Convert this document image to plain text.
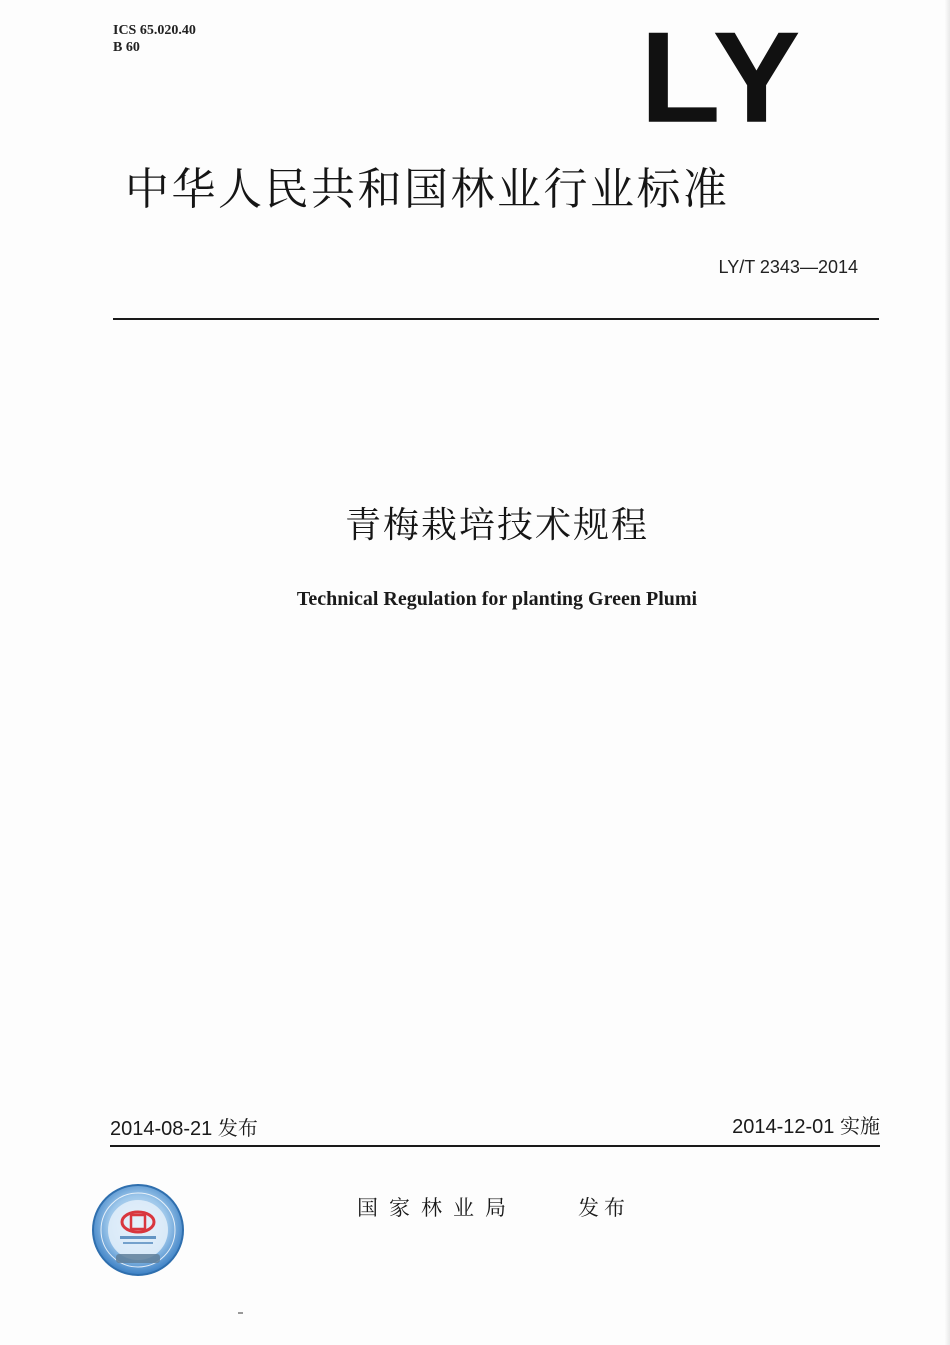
ICS 65.020.40
B 60	LY
中华人民共和国林业行业标准
LY/T 2343—2014
青梅栽培技术规程
Technical Regulation for planting Green Plumi
2014-08-21 发布	2014-12-01 实施
国家林业局	发布
